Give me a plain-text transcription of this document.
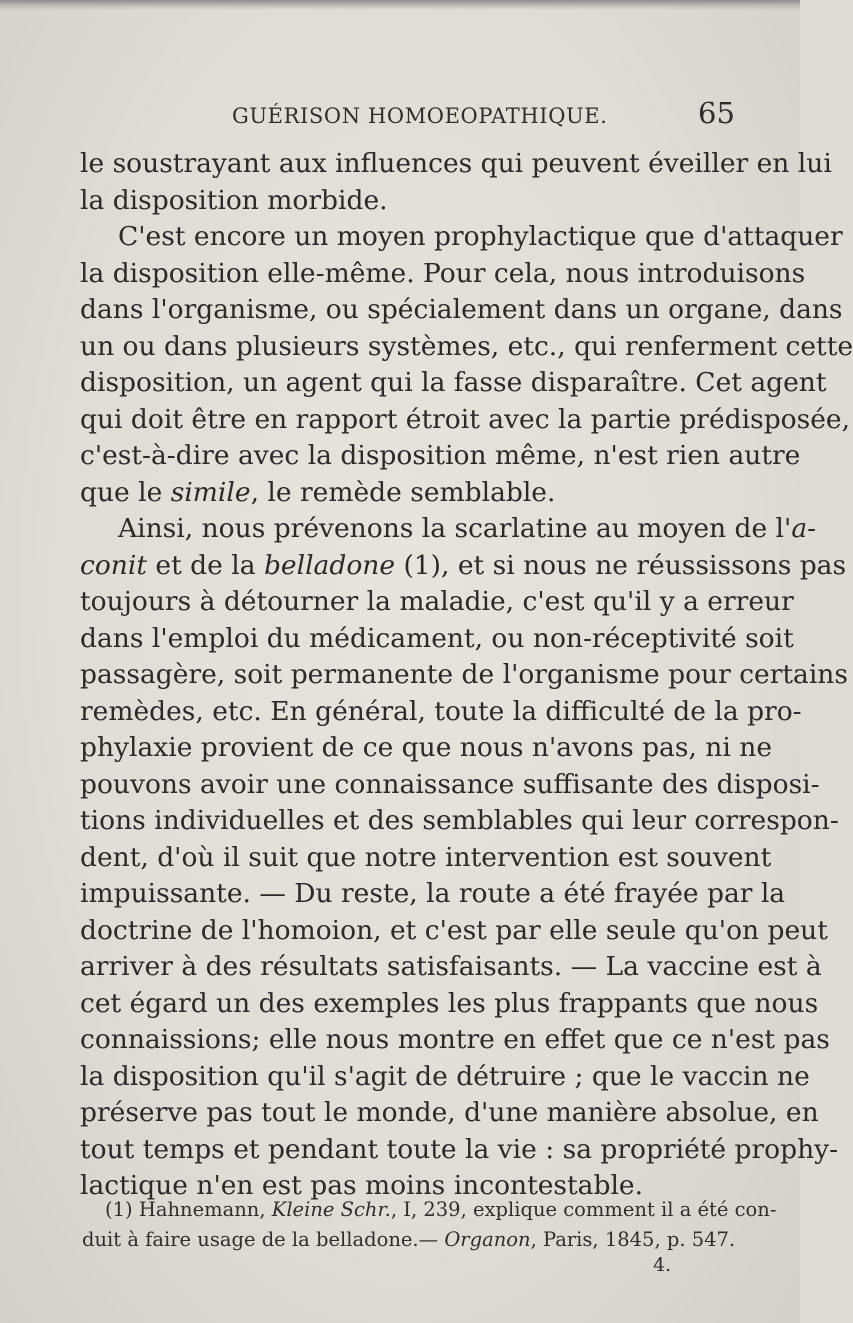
GUÉRISON HOMOEOPATHIQUE.	65
le soustrayant aux influences qui peuvent éveiller en lui
la disposition morbide.
C'est encore un moyen prophylactique que d'attaquer
la disposition elle-même. Pour cela, nous introduisons
dans l'organisme, ou spécialement dans un organe, dans
un ou dans plusieurs systèmes, etc., qui renferment cette
disposition, un agent qui la fasse disparaître. Cet agent
qui doit être en rapport étroit avec la partie prédisposée,
c'est-à-dire avec la disposition même, n'est rien autre
que le simile, le remède semblable.
Ainsi, nous prévenons la scarlatine au moyen de l'a-
conit et de la belladone (1), et si nous ne réussissons pas
toujours à détourner la maladie, c'est qu'il y a erreur
dans l'emploi du médicament, ou non-réceptivité soit
passagère, soit permanente de l'organisme pour certains
remèdes, etc. En général, toute la difficulté de la pro-
phylaxie provient de ce que nous n'avons pas, ni ne
pouvons avoir une connaissance suffisante des disposi-
tions individuelles et des semblables qui leur correspon-
dent, d'où il suit que notre intervention est souvent
impuissante. — Du reste, la route a été frayée par la
doctrine de l'homoion, et c'est par elle seule qu'on peut
arriver à des résultats satisfaisants. — La vaccine est à
cet égard un des exemples les plus frappants que nous
connaissions; elle nous montre en effet que ce n'est pas
la disposition qu'il s'agit de détruire ; que le vaccin ne
préserve pas tout le monde, d'une manière absolue, en
tout temps et pendant toute la vie : sa propriété prophy-
lactique n'en est pas moins incontestable.
(1) Hahnemann, Kleine Schr., I, 239, explique comment il a été con-
duit à faire usage de la belladone.— Organon, Paris, 1845, p. 547.
4.
